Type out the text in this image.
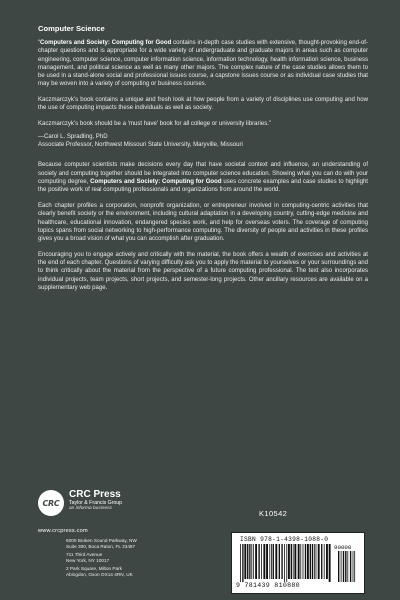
Computer Science

“Computers and Society: Computing for Good contains in-depth case studies with extensive, thought-provoking end-of-chapter questions and is appropriate for a wide variety of undergraduate and graduate majors in areas such as computer engineering, computer science, computer information science, information technology, health information science, business management, and political science as well as many other majors. The complex nature of the case studies allows them to be used in a stand-alone social and professional issues course, a capstone issues course or as individual case studies that may be woven into a variety of computing or business courses.

Kaczmarczyk’s book contains a unique and fresh look at how people from a variety of disciplines use computing and how the use of computing impacts these individuals as well as society.

Kaczmarczyk’s book should be a ‘must have’ book for all college or university libraries.”

—Carol L. Spradling, PhD
Associate Professor, Northwest Missouri State University, Maryville, Missouri

Because computer scientists make decisions every day that have societal context and influence, an understanding of society and computing together should be integrated into computer science education. Showing what you can do with your computing degree, Computers and Society: Computing for Good uses concrete examples and case studies to highlight the positive work of real computing professionals and organizations from around the world.

Each chapter profiles a corporation, nonprofit organization, or entrepreneur involved in computing-centric activities that clearly benefit society or the environment, including cultural adaptation in a developing country, cutting-edge medicine and healthcare, educational innovation, endangered species work, and help for overseas voters. The coverage of computing topics spans from social networking to high-performance computing. The diversity of people and activities in these profiles gives you a broad vision of what you can accomplish after graduation.

Encouraging you to engage actively and critically with the material, the book offers a wealth of exercises and activities at the end of each chapter. Questions of varying difficulty ask you to apply the material to yourselves or your surroundings and to think critically about the material from the perspective of a future computing professional. The text also incorporates individual projects, team projects, short projects, and semester-long projects. Other ancillary resources are available on a supplementary web page.

CRC
CRC Press
Taylor & Francis Group
an informa business
www.crcpress.com
6000 Broken Sound Parkway, NW
Suite 300, Boca Raton, FL 33487
711 Third Avenue
New York, NY 10017
2 Park Square, Milton Park
Abingdon, Oxon OX14 4RN, UK
K10542
ISBN 978-1-4398-1088-0
90000
9 781439 810880
